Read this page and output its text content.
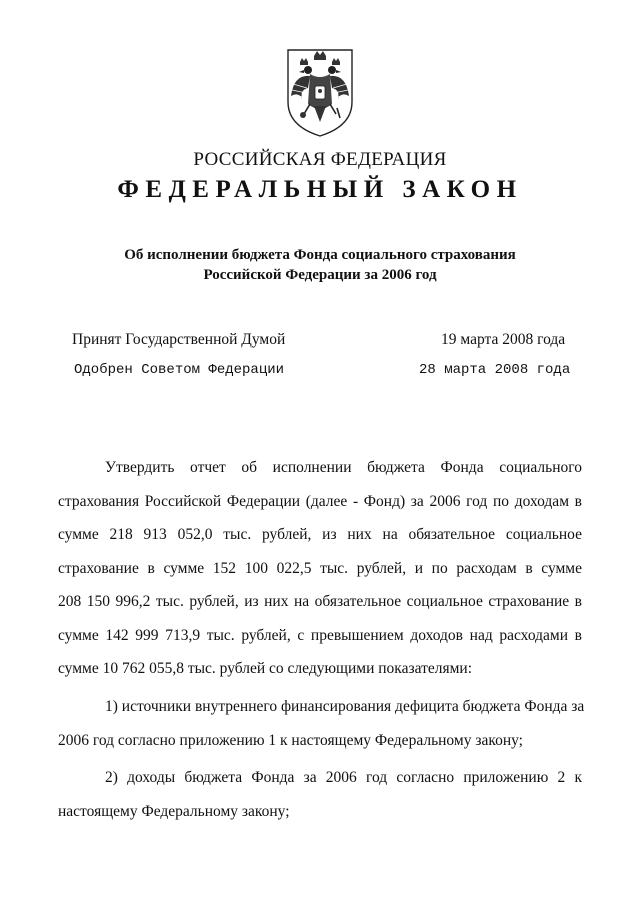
РОССИЙСКАЯ ФЕДЕРАЦИЯ
ФЕДЕРАЛЬНЫЙ ЗАКОН
Об исполнении бюджета Фонда социального страхования
Российской Федерации за 2006 год
Принят Государственной Думой	19 марта 2008 года
Одобрен Советом Федерации	28 марта 2008 года
Утвердить отчет об исполнении бюджета Фонда социального
страхования Российской Федерации (далее - Фонд) за 2006 год по доходам в
сумме 218 913 052,0 тыс. рублей, из них на обязательное социальное
страхование в сумме 152 100 022,5 тыс. рублей, и по расходам в сумме
208 150 996,2 тыс. рублей, из них на обязательное социальное страхование в
сумме 142 999 713,9 тыс. рублей, с превышением доходов над расходами в
сумме 10 762 055,8 тыс. рублей со следующими показателями:
1) источники внутреннего финансирования дефицита бюджета Фонда за
2006 год согласно приложению 1 к настоящему Федеральному закону;
2) доходы бюджета Фонда за 2006 год согласно приложению 2 к
настоящему Федеральному закону;
